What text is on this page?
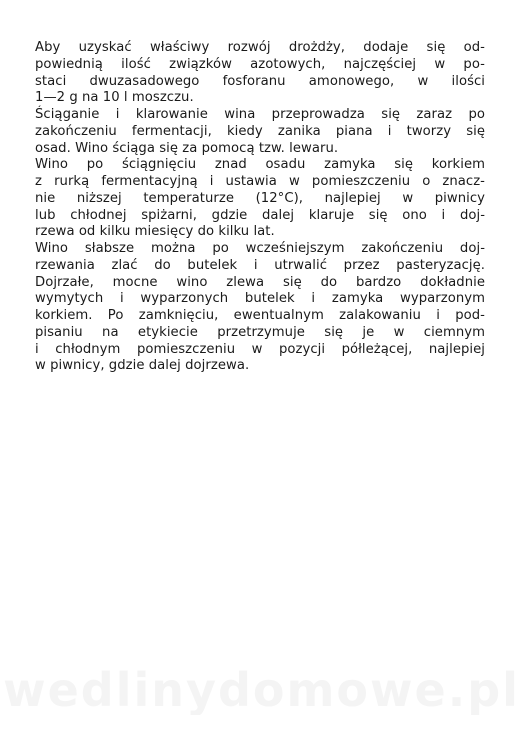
Aby uzyskać właściwy rozwój drożdży, dodaje się od-
powiednią ilość związków azotowych, najczęściej w po-
staci dwuzasadowego fosforanu amonowego, w ilości
1—2 g na 10 l moszczu.

Ściąganie i klarowanie wina przeprowadza się zaraz po
zakończeniu fermentacji, kiedy zanika piana i tworzy się
osad. Wino ściąga się za pomocą tzw. lewaru.

Wino po ściągnięciu znad osadu zamyka się korkiem
z rurką fermentacyjną i ustawia w pomieszczeniu o znacz-
nie niższej temperaturze (12°C), najlepiej w piwnicy
lub chłodnej spiżarni, gdzie dalej klaruje się ono i doj-
rzewa od kilku miesięcy do kilku lat.

Wino słabsze można po wcześniejszym zakończeniu doj-
rzewania zlać do butelek i utrwalić przez pasteryzację.
Dojrzałe, mocne wino zlewa się do bardzo dokładnie
wymytych i wyparzonych butelek i zamyka wyparzonym
korkiem. Po zamknięciu, ewentualnym zalakowaniu i pod-
pisaniu na etykiecie przetrzymuje się je w ciemnym
i chłodnym pomieszczeniu w pozycji półleżącej, najlepiej
w piwnicy, gdzie dalej dojrzewa.

wedlinydomowe.pl
